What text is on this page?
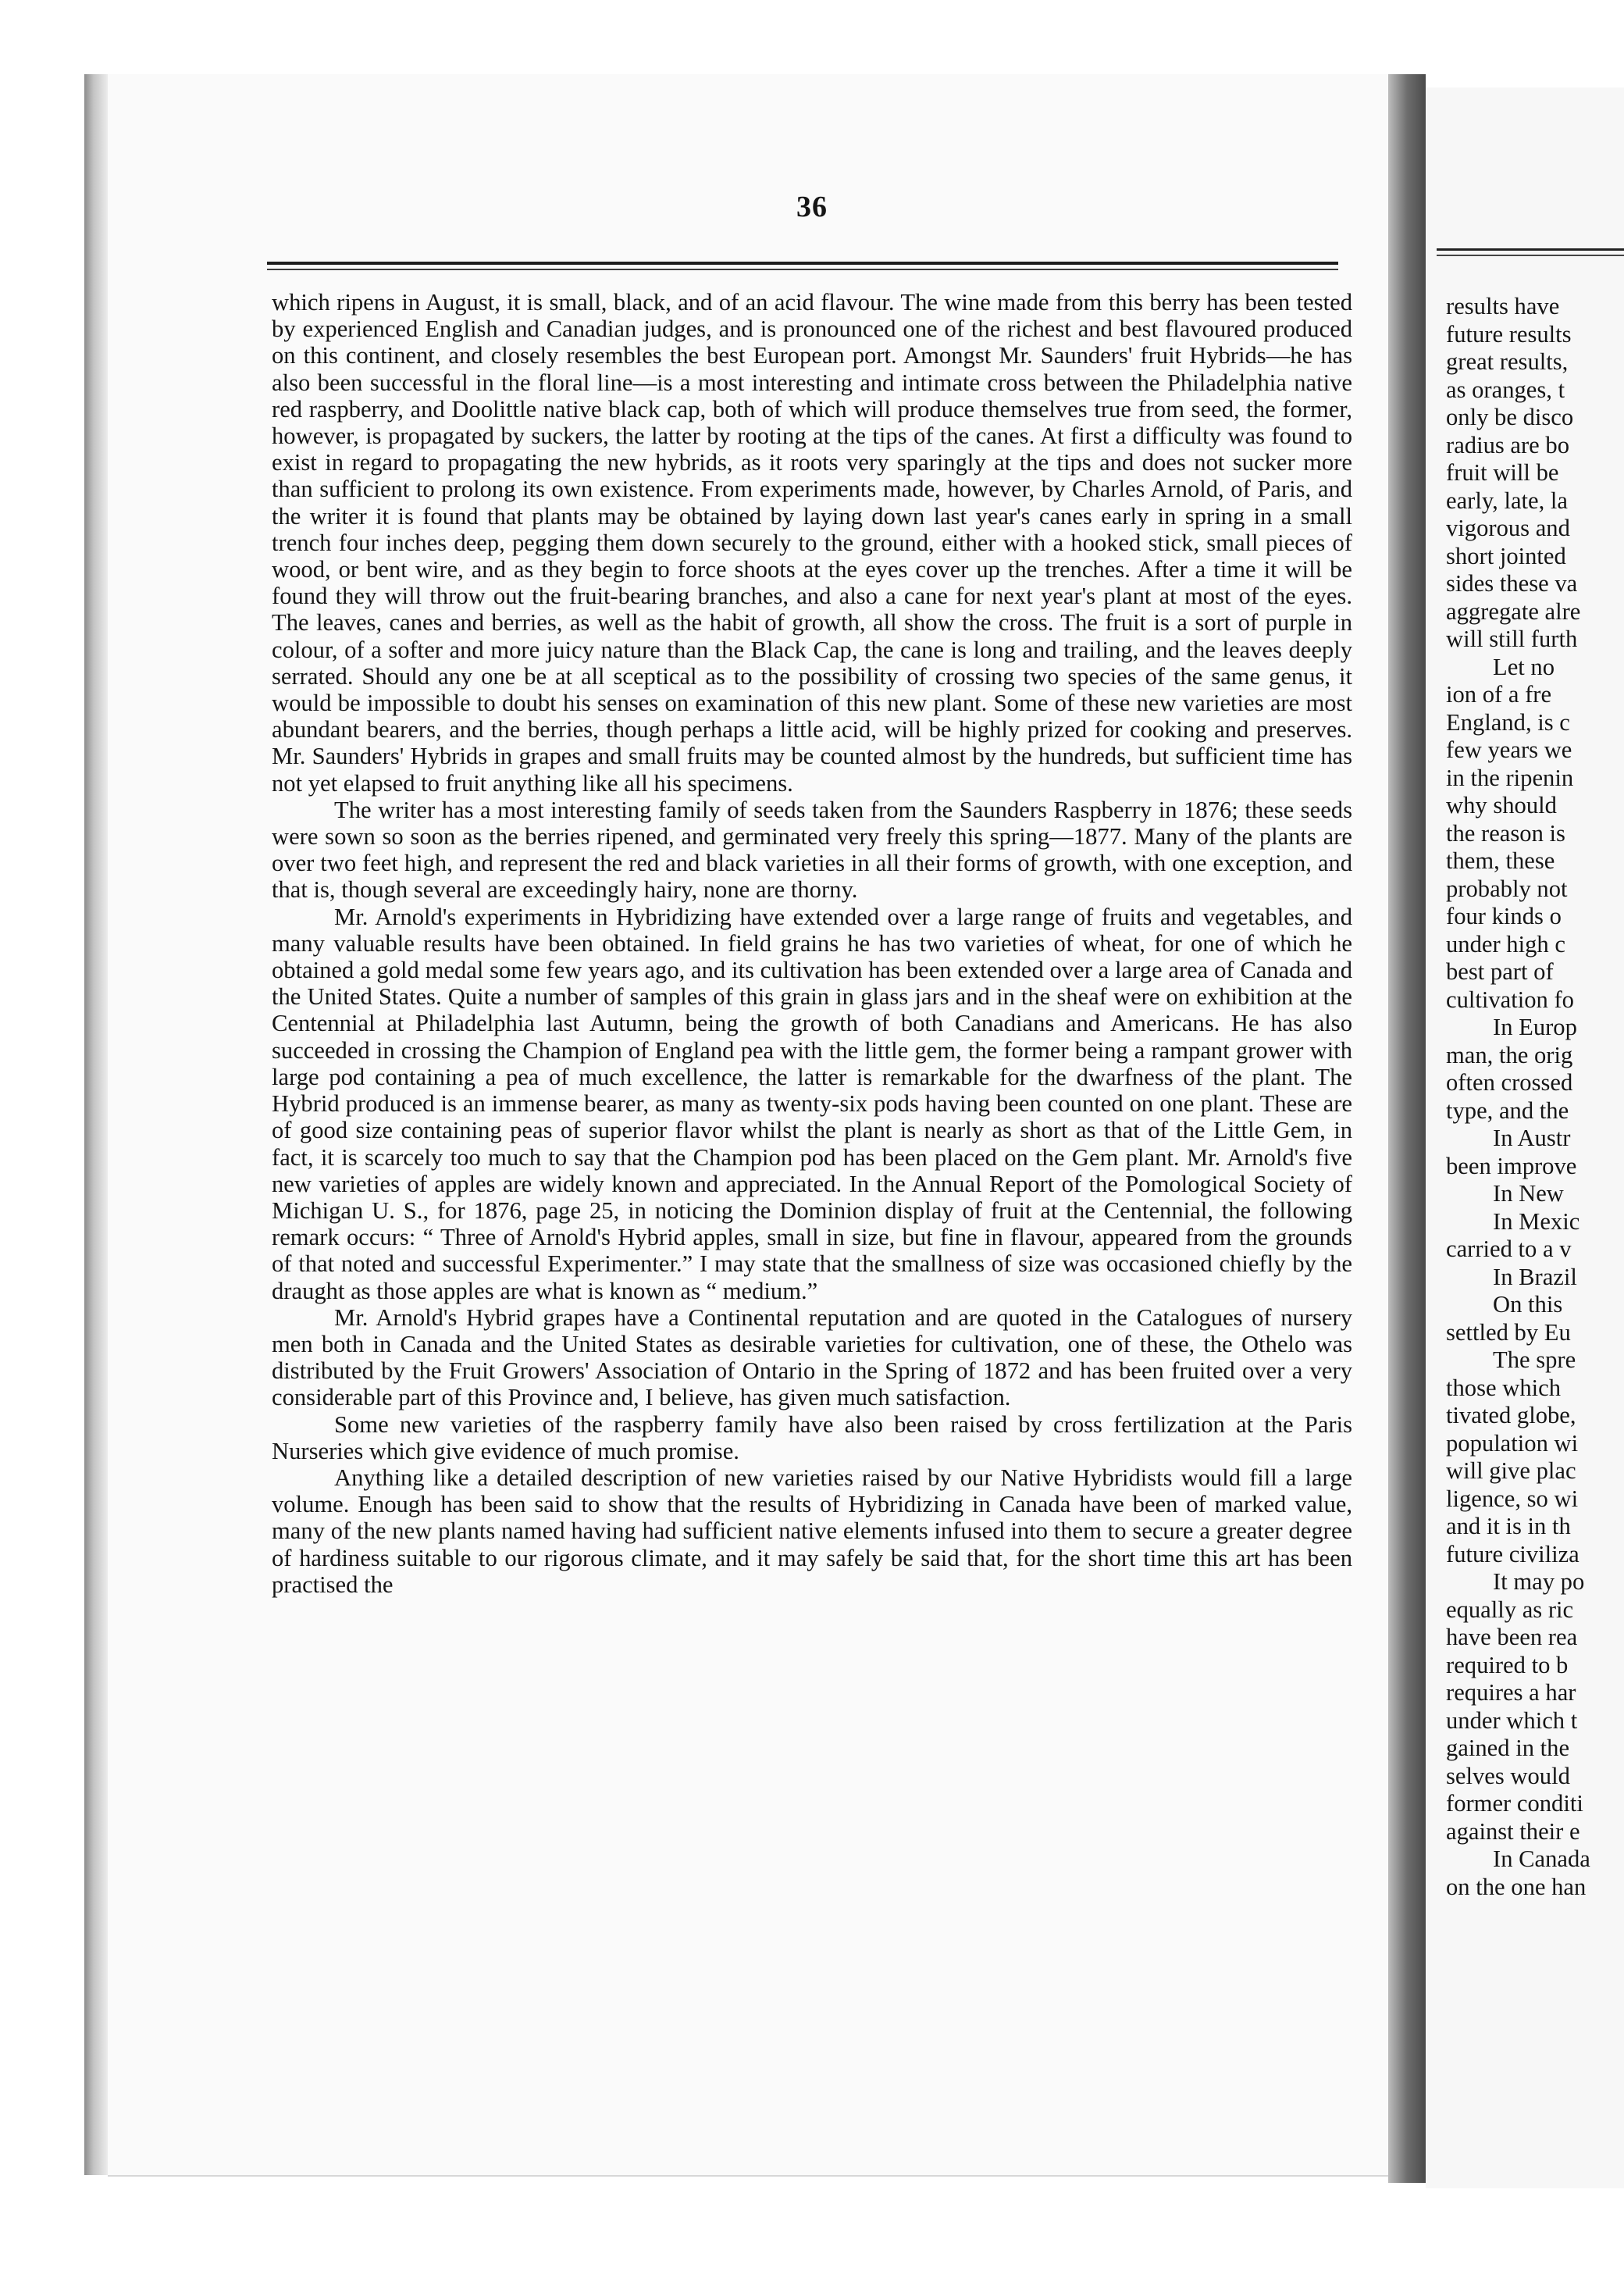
36

which ripens in August, it is small, black, and of an acid flavour. The wine made from this berry has been tested by experienced English and Canadian judges, and is pronounced one of the richest and best flavoured produced on this continent, and closely resembles the best European port. Amongst Mr. Saunders' fruit Hybrids—he has also been successful in the floral line—is a most interesting and intimate cross between the Philadelphia native red raspberry, and Doolittle native black cap, both of which will produce themselves true from seed, the former, however, is propagated by suckers, the latter by rooting at the tips of the canes. At first a difficulty was found to exist in regard to propagating the new hybrids, as it roots very sparingly at the tips and does not sucker more than sufficient to prolong its own existence. From experiments made, however, by Charles Arnold, of Paris, and the writer it is found that plants may be obtained by laying down last year's canes early in spring in a small trench four inches deep, pegging them down securely to the ground, either with a hooked stick, small pieces of wood, or bent wire, and as they begin to force shoots at the eyes cover up the trenches. After a time it will be found they will throw out the fruit-bearing branches, and also a cane for next year's plant at most of the eyes. The leaves, canes and berries, as well as the habit of growth, all show the cross. The fruit is a sort of purple in colour, of a softer and more juicy nature than the Black Cap, the cane is long and trailing, and the leaves deeply serrated. Should any one be at all sceptical as to the possibility of crossing two species of the same genus, it would be impossible to doubt his senses on examination of this new plant. Some of these new varieties are most abundant bearers, and the berries, though perhaps a little acid, will be highly prized for cooking and preserves. Mr. Saunders' Hybrids in grapes and small fruits may be counted almost by the hundreds, but sufficient time has not yet elapsed to fruit anything like all his specimens.

The writer has a most interesting family of seeds taken from the Saunders Raspberry in 1876; these seeds were sown so soon as the berries ripened, and germinated very freely this spring—1877. Many of the plants are over two feet high, and represent the red and black varieties in all their forms of growth, with one exception, and that is, though several are exceedingly hairy, none are thorny.

Mr. Arnold's experiments in Hybridizing have extended over a large range of fruits and vegetables, and many valuable results have been obtained. In field grains he has two varieties of wheat, for one of which he obtained a gold medal some few years ago, and its cultivation has been extended over a large area of Canada and the United States. Quite a number of samples of this grain in glass jars and in the sheaf were on exhibition at the Centennial at Philadelphia last Autumn, being the growth of both Canadians and Americans. He has also succeeded in crossing the Champion of England pea with the little gem, the former being a rampant grower with large pod containing a pea of much excellence, the latter is remarkable for the dwarfness of the plant. The Hybrid produced is an immense bearer, as many as twenty-six pods having been counted on one plant. These are of good size containing peas of superior flavor whilst the plant is nearly as short as that of the Little Gem, in fact, it is scarcely too much to say that the Champion pod has been placed on the Gem plant. Mr. Arnold's five new varieties of apples are widely known and appreciated. In the Annual Report of the Pomological Society of Michigan U. S., for 1876, page 25, in noticing the Dominion display of fruit at the Centennial, the following remark occurs: “ Three of Arnold's Hybrid apples, small in size, but fine in flavour, appeared from the grounds of that noted and successful Experimenter.” I may state that the smallness of size was occasioned chiefly by the draught as those apples are what is known as “ medium.”

Mr. Arnold's Hybrid grapes have a Continental reputation and are quoted in the Catalogues of nursery men both in Canada and the United States as desirable varieties for cultivation, one of these, the Othelo was distributed by the Fruit Growers' Association of Ontario in the Spring of 1872 and has been fruited over a very considerable part of this Province and, I believe, has given much satisfaction.

Some new varieties of the raspberry family have also been raised by cross fertilization at the Paris Nurseries which give evidence of much promise.

Anything like a detailed description of new varieties raised by our Native Hybridists would fill a large volume. Enough has been said to show that the results of Hybridizing in Canada have been of marked value, many of the new plants named having had sufficient native elements infused into them to secure a greater degree of hardiness suitable to our rigorous climate, and it may safely be said that, for the short time this art has been practised the

results have
future results
great results,
as oranges, t
only be disco
radius are bo
fruit will be
early, late, la
vigorous and
short jointed
sides these va
aggregate alre
will still furth
Let no
ion of a fre
England, is c
few years we
in the ripenin
why should
the reason is
them, these
probably not
four kinds o
under high c
best part of
cultivation fo
In Europ
man, the orig
often crossed
type, and the
In Austr
been improve
In New
In Mexic
carried to a v
In Brazil
On this
settled by Eu
The spre
those which
tivated globe,
population wi
will give plac
ligence, so wi
and it is in th
future civiliza
It may po
equally as ric
have been rea
required to b
requires a har
under which t
gained in the
selves would
former conditi
against their e
In Canada
on the one han
